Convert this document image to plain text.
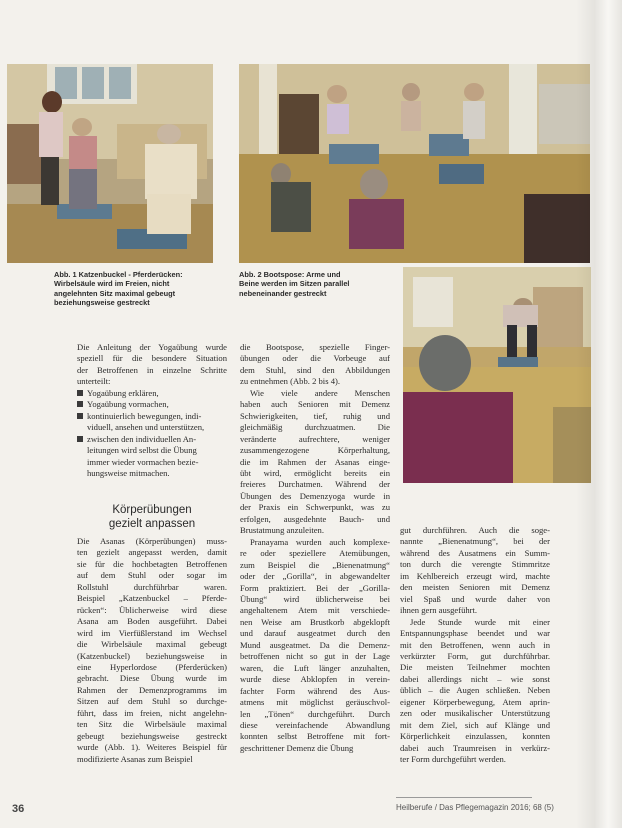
Abb. 1 Katzenbuckel - Pferderücken:
Wirbelsäule wird im Freien, nicht
angelehnten Sitz maximal gebeugt
beziehungsweise gestreckt
Abb. 2 Bootspose: Arme und
Beine werden im Sitzen parallel
nebeneinander gestreckt
Die Anleitung der Yogaübung wurde
speziell für die besondere Situation
der Betroffenen in einzelne Schritte
unterteilt:
Yogaübung erklären,
Yogaübung vormachen,
kontinuierlich bewegungen, indi-
viduell, ansehen und unterstützen,
zwischen den individuellen An-
leitungen wird selbst die Übung
immer wieder vormachen bezie-
hungsweise mitmachen.
Körperübungen
gezielt anpassen
Die Asanas (Körperübungen) muss-
ten gezielt angepasst werden, damit
sie für die hochbetagten Betroffenen
auf dem Stuhl oder sogar im
Rollstuhl durchführbar waren.
Beispiel „Katzenbuckel – Pferde-
rücken“: Üblicherweise wird diese
Asana am Boden ausgeführt. Dabei
wird im Vierfüßlerstand im Wechsel
die Wirbelsäule maximal gebeugt
(Katzenbuckel) beziehungsweise in
eine Hyperlordose (Pferderücken)
gebracht. Diese Übung wurde im
Rahmen der Demenzprogramms im
Sitzen auf dem Stuhl so durchge-
führt, dass im freien, nicht angelehn-
ten Sitz die Wirbelsäule maximal
gebeugt beziehungsweise gestreckt
wurde (Abb. 1). Weiteres Beispiel für
modifizierte Asanas zum Beispiel
die Bootspose, spezielle Finger-
übungen oder die Vorbeuge auf
dem Stuhl, sind den Abbildungen
zu entnehmen (Abb. 2 bis 4).
Wie viele andere Menschen
haben auch Senioren mit Demenz
Schwierigkeiten, tief, ruhig und
gleichmäßig durchzuatmen. Die
veränderte aufrechtere, weniger
zusammengezogene Körperhaltung,
die im Rahmen der Asanas einge-
übt wird, ermöglicht bereits ein
freieres Durchatmen. Während der
Übungen des Demenzyoga wurde in
der Praxis ein Schwerpunkt, was zu
erfolgen, ausgedehnte Bauch- und
Brustatmung anzuleiten.
Pranayama wurden auch komplexe-
re oder speziellere Atemübungen,
zum Beispiel die „Bienenatmung“
oder der „Gorilla“, in abgewandelter
Form praktiziert. Bei der „Gorilla-
Übung“ wird üblicherweise bei
angehaltenem Atem mit verschiede-
nen Weise am Brustkorb abgeklopft
und darauf ausgeatmet durch den
Mund ausgeatmet. Da die Demenz-
betroffenen nicht so gut in der Lage
waren, die Luft länger anzuhalten,
wurde diese Abklopfen in verein-
fachter Form während des Aus-
atmens mit möglichst geräuschvol-
len „Tönen“ durchgeführt. Durch
diese vereinfachende Abwandlung
konnten selbst Betroffene mit fort-
geschrittener Demenz die Übung
gut durchführen. Auch die soge-
nannte „Bienenatmung“, bei der
während des Ausatmens ein Summ-
ton durch die verengte Stimmritze
im Kehlbereich erzeugt wird, machte
den meisten Senioren mit Demenz
viel Spaß und wurde daher von
ihnen gern ausgeführt.
Jede Stunde wurde mit einer
Entspannungsphase beendet und war
mit den Betroffenen, wenn auch in
verkürzter Form, gut durchführbar.
Die meisten Teilnehmer mochten
dabei allerdings nicht – wie sonst
üblich – die Augen schließen. Neben
eigener Körperbewegung, Atem aprin-
zen oder musikalischer Unterstützung
mit dem Ziel, sich auf Klänge und
Körperlichkeit einzulassen, konnten
dabei auch Traumreisen in verkürz-
ter Form durchgeführt werden.
36	Heilberufe / Das Pflegemagazin 2016; 68 (5)
